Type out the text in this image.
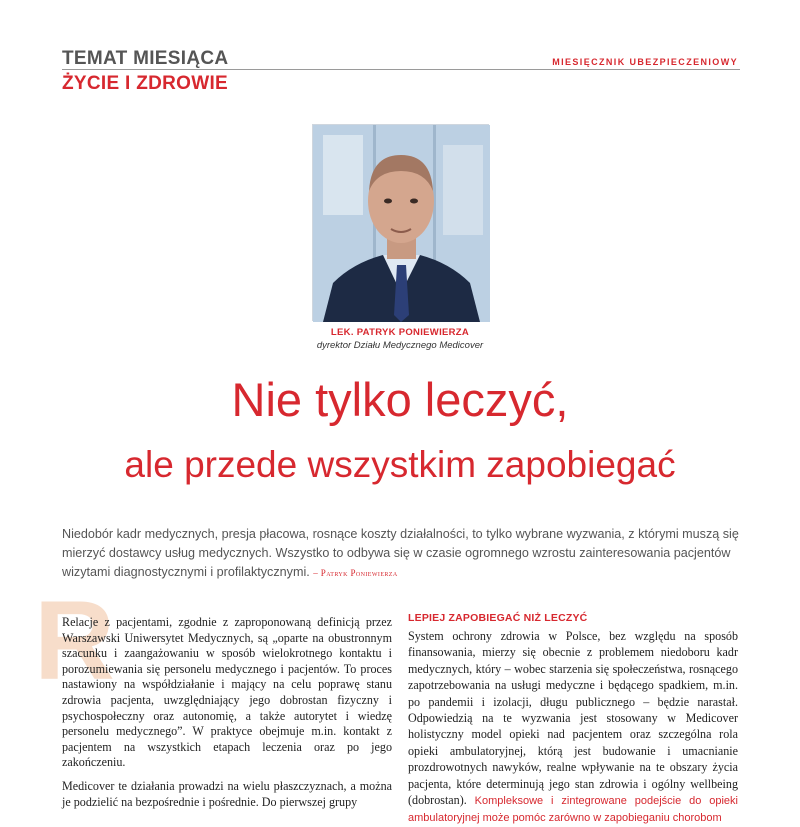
TEMAT MIESIĄCA
ŻYCIE I ZDROWIE
MIESIĘCZNIK UBEZPIECZENIOWY
LEK. PATRYK PONIEWIERZA
dyrektor Działu Medycznego Medicover
Nie tylko leczyć,
ale przede wszystkim zapobiegać
Niedobór kadr medycznych, presja płacowa, rosnące koszty działalności, to tylko wybrane wyzwania, z którymi muszą się mierzyć dostawcy usług medycznych. Wszystko to odbywa się w czasie ogromnego wzrostu zainteresowania pacjentów wizytami diagnostycznymi i profilaktycznymi. – Patryk Poniewierza
R

Relacje z pacjentami, zgodnie z zaproponowaną definicją przez Warszawski Uniwersytet Medycznych, są „oparte na obustronnym szacunku i zaangażowaniu w sposób wielokrotnego kontaktu i porozumiewania się personelu medycznego i pacjentów. To proces nastawiony na współdziałanie i mający na celu poprawę stanu zdrowia pacjenta, uwzględniający jego dobrostan fizyczny i psychospołeczny oraz autonomię, a także autorytet i wiedzę personelu medycznego”. W praktyce obejmuje m.in. kontakt z pacjentem na wszystkich etapach leczenia oraz po jego zakończeniu.

Medicover te działania prowadzi na wielu płaszczyznach, a można je podzielić na bezpośrednie i pośrednie. Do pierwszej grupy

LEPIEJ ZAPOBIEGAĆ NIŻ LECZYĆ

System ochrony zdrowia w Polsce, bez względu na sposób finansowania, mierzy się obecnie z problemem niedoboru kadr medycznych, który – wobec starzenia się społeczeństwa, rosnącego zapotrzebowania na usługi medyczne i będącego spadkiem, m.in. po pandemii i izolacji, długu publicznego – będzie narastał. Odpowiedzią na te wyzwania jest stosowany w Medicover holistyczny model opieki nad pacjentem oraz szczególna rola opieki ambulatoryjnej, którą jest budowanie i umacnianie prozdrowotnych nawyków, realne wpływanie na te obszary życia pacjenta, które determinują jego stan zdrowia i ogólny wellbeing (dobrostan). Kompleksowe i zintegrowane podejście do opieki ambulatoryjnej może pomóc zarówno w zapobieganiu chorobom
